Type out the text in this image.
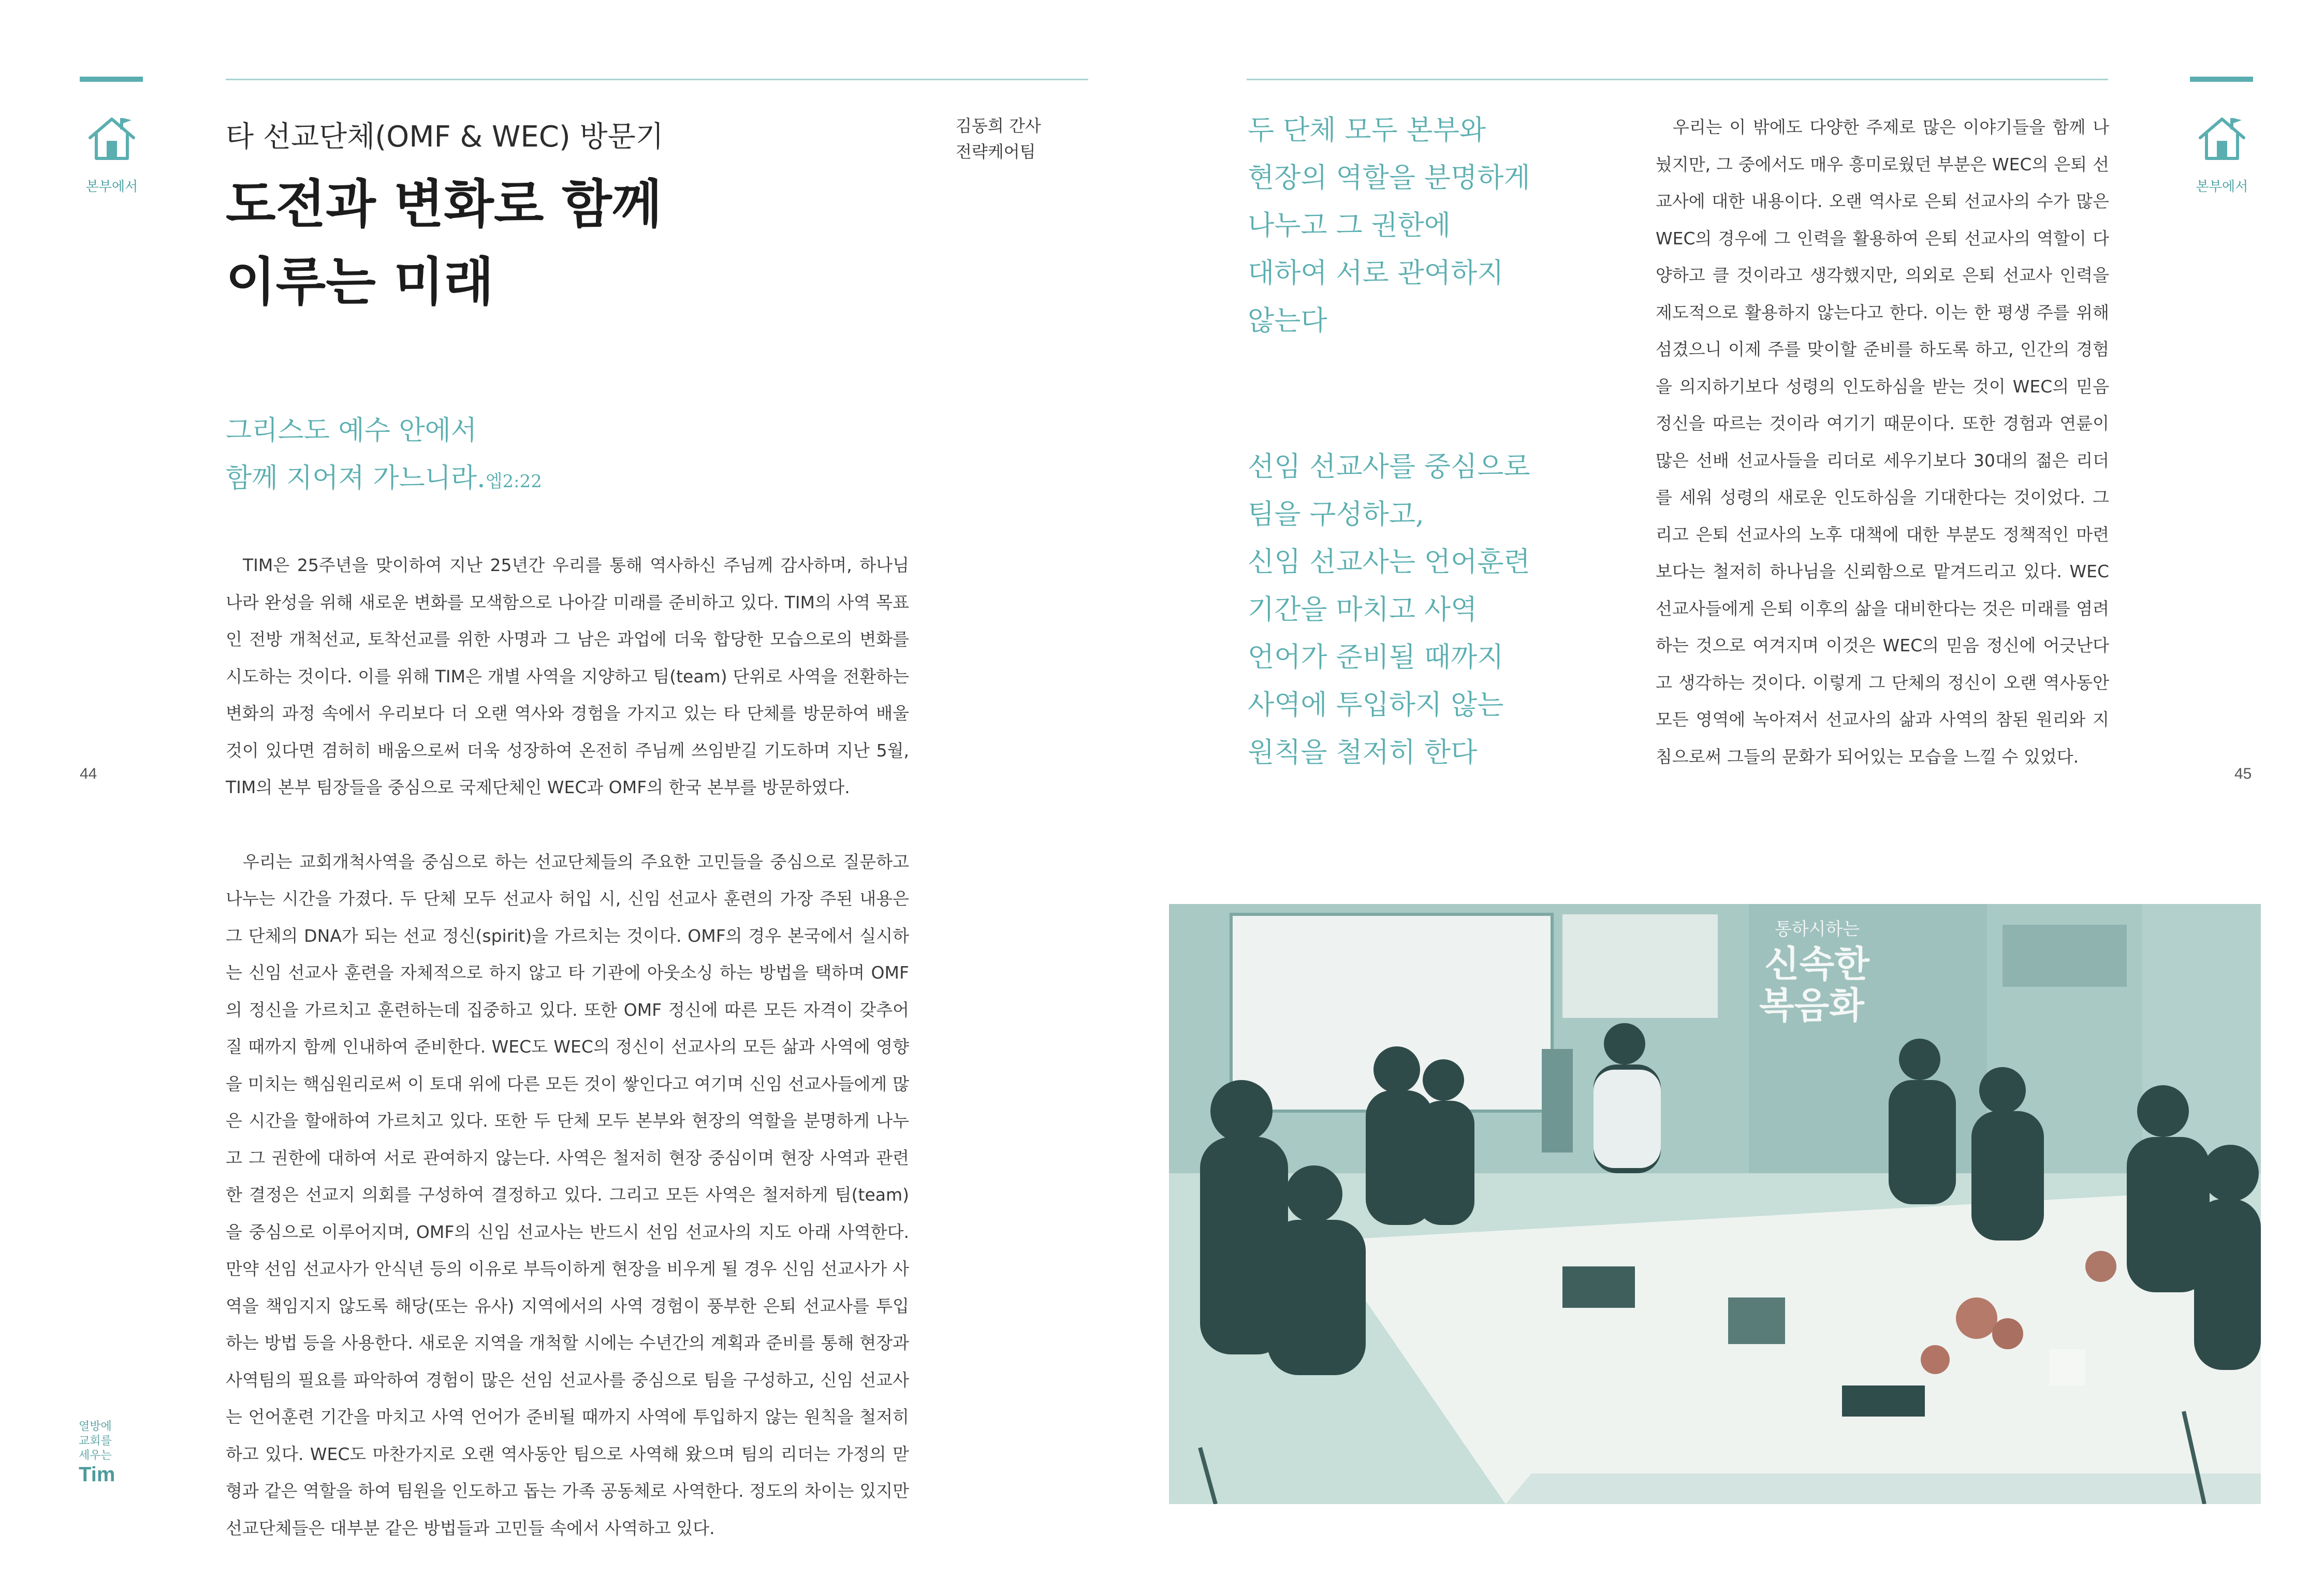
본부에서
타 선교단체(OMF & WEC) 방문기
도전과 변화로 함께
이루는 미래
김동희 간사
전략케어팀
그리스도 예수 안에서
함께 지어져 가느니라.엡2:22

TIM은 25주년을 맞이하여 지난 25년간 우리를 통해 역사하신 주님께 감사하며, 하나님 나라 완성을 위해 새로운 변화를 모색함으로 나아갈 미래를 준비하고 있다. TIM의 사역 목표인 전방 개척선교, 토착선교를 위한 사명과 그 남은 과업에 더욱 합당한 모습으로의 변화를 시도하는 것이다. 이를 위해 TIM은 개별 사역을 지양하고 팀(team) 단위로 사역을 전환하는 변화의 과정 속에서 우리보다 더 오랜 역사와 경험을 가지고 있는 타 단체를 방문하여 배울 것이 있다면 겸허히 배움으로써 더욱 성장하여 온전히 주님께 쓰임받길 기도하며 지난 5월, TIM의 본부 팀장들을 중심으로 국제단체인 WEC과 OMF의 한국 본부를 방문하였다.

우리는 교회개척사역을 중심으로 하는 선교단체들의 주요한 고민들을 중심으로 질문하고 나누는 시간을 가졌다. 두 단체 모두 선교사 허입 시, 신임 선교사 훈련의 가장 주된 내용은 그 단체의 DNA가 되는 선교 정신(spirit)을 가르치는 것이다. OMF의 경우 본국에서 실시하는 신임 선교사 훈련을 자체적으로 하지 않고 타 기관에 아웃소싱 하는 방법을 택하며 OMF의 정신을 가르치고 훈련하는데 집중하고 있다. 또한 OMF 정신에 따른 모든 자격이 갖추어질 때까지 함께 인내하여 준비한다. WEC도 WEC의 정신이 선교사의 모든 삶과 사역에 영향을 미치는 핵심원리로써 이 토대 위에 다른 모든 것이 쌓인다고 여기며 신임 선교사들에게 많은 시간을 할애하여 가르치고 있다. 또한 두 단체 모두 본부와 현장의 역할을 분명하게 나누고 그 권한에 대하여 서로 관여하지 않는다. 사역은 철저히 현장 중심이며 현장 사역과 관련한 결정은 선교지 의회를 구성하여 결정하고 있다. 그리고 모든 사역은 철저하게 팀(team)을 중심으로 이루어지며, OMF의 신임 선교사는 반드시 선임 선교사의 지도 아래 사역한다. 만약 선임 선교사가 안식년 등의 이유로 부득이하게 현장을 비우게 될 경우 신임 선교사가 사역을 책임지지 않도록 해당(또는 유사) 지역에서의 사역 경험이 풍부한 은퇴 선교사를 투입하는 방법 등을 사용한다. 새로운 지역을 개척할 시에는 수년간의 계획과 준비를 통해 현장과 사역팀의 필요를 파악하여 경험이 많은 선임 선교사를 중심으로 팀을 구성하고, 신임 선교사는 언어훈련 기간을 마치고 사역 언어가 준비될 때까지 사역에 투입하지 않는 원칙을 철저히 하고 있다. WEC도 마찬가지로 오랜 역사동안 팀으로 사역해 왔으며 팀의 리더는 가정의 맏형과 같은 역할을 하여 팀원을 인도하고 돕는 가족 공동체로 사역한다. 정도의 차이는 있지만 선교단체들은 대부분 같은 방법들과 고민들 속에서 사역하고 있다.

44
열방에
교회를
세우는
Tim
본부에서

두 단체 모두 본부와

현장의 역할을 분명하게

나누고 그 권한에

대하여 서로 관여하지

않는다

선임 선교사를 중심으로

팀을 구성하고,

신임 선교사는 언어훈련

기간을 마치고 사역

언어가 준비될 때까지

사역에 투입하지 않는

원칙을 철저히 한다

우리는 이 밖에도 다양한 주제로 많은 이야기들을 함께 나눴지만, 그 중에서도 매우 흥미로웠던 부분은 WEC의 은퇴 선교사에 대한 내용이다. 오랜 역사로 은퇴 선교사의 수가 많은 WEC의 경우에 그 인력을 활용하여 은퇴 선교사의 역할이 다양하고 클 것이라고 생각했지만, 의외로 은퇴 선교사 인력을 제도적으로 활용하지 않는다고 한다. 이는 한 평생 주를 위해 섬겼으니 이제 주를 맞이할 준비를 하도록 하고, 인간의 경험을 의지하기보다 성령의 인도하심을 받는 것이 WEC의 믿음 정신을 따르는 것이라 여기기 때문이다. 또한 경험과 연륜이 많은 선배 선교사들을 리더로 세우기보다 30대의 젊은 리더를 세워 성령의 새로운 인도하심을 기대한다는 것이었다. 그리고 은퇴 선교사의 노후 대책에 대한 부분도 정책적인 마련보다는 철저히 하나님을 신뢰함으로 맡겨드리고 있다. WEC 선교사들에게 은퇴 이후의 삶을 대비한다는 것은 미래를 염려하는 것으로 여겨지며 이것은 WEC의 믿음 정신에 어긋난다고 생각하는 것이다. 이렇게 그 단체의 정신이 오랜 역사동안 모든 영역에 녹아져서 선교사의 삶과 사역의 참된 원리와 지침으로써 그들의 문화가 되어있는 모습을 느낄 수 있었다.

45
통하시하는
신속한
복음화
